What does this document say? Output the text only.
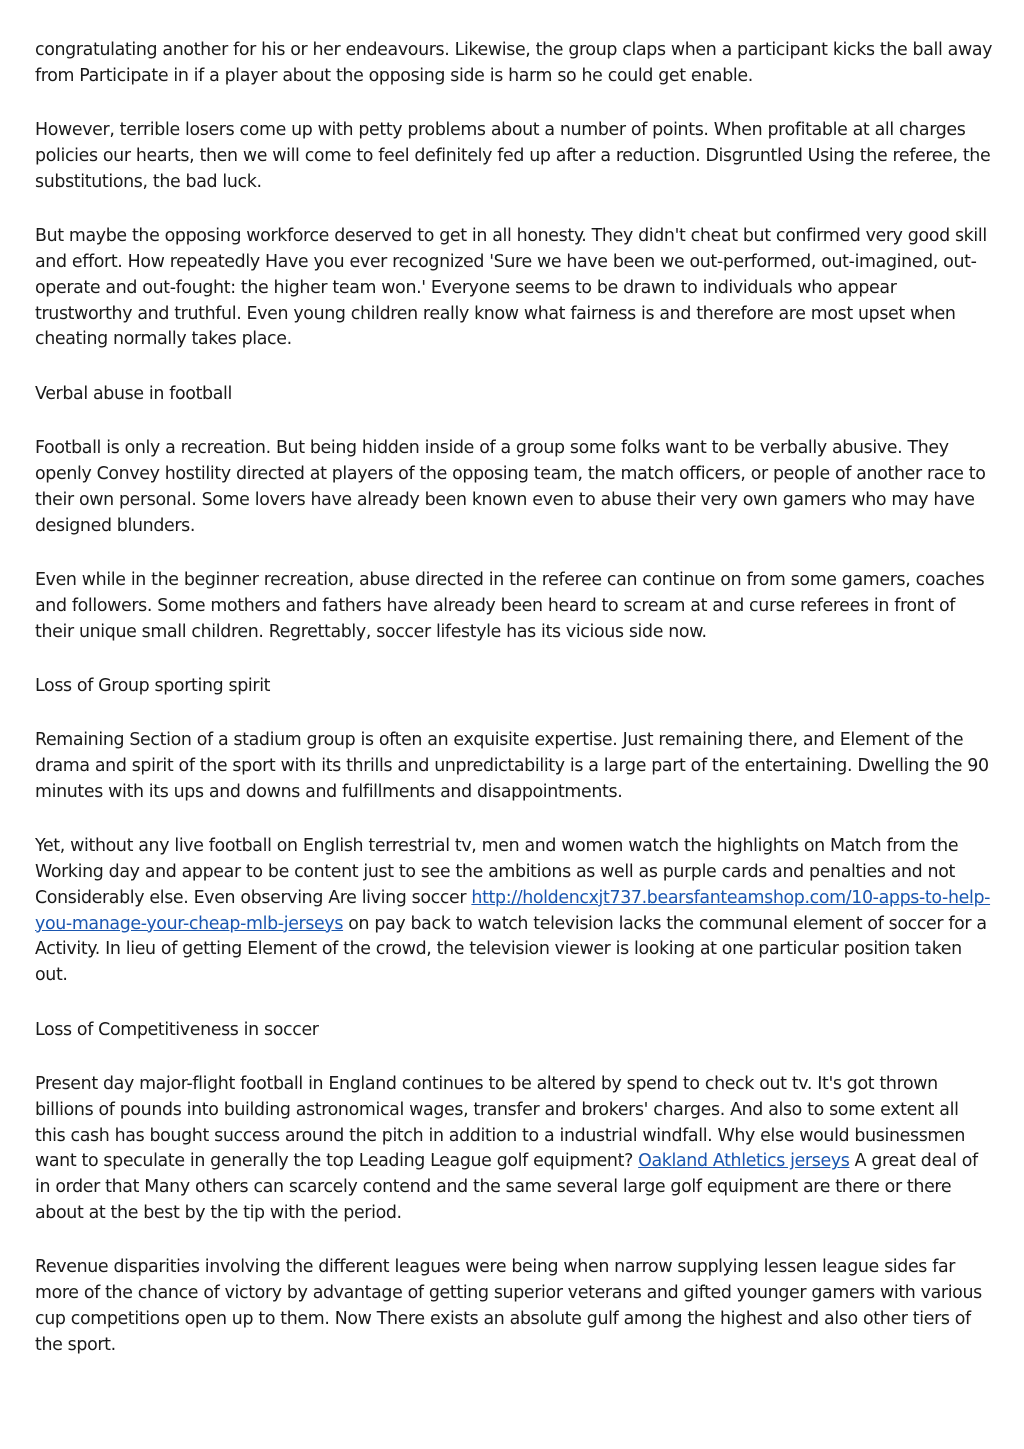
congratulating another for his or her endeavours. Likewise, the group claps when a participant kicks the ball away from Participate in if a player about the opposing side is harm so he could get enable.

However, terrible losers come up with petty problems about a number of points. When profitable at all charges policies our hearts, then we will come to feel definitely fed up after a reduction. Disgruntled Using the referee, the substitutions, the bad luck.

But maybe the opposing workforce deserved to get in all honesty. They didn't cheat but confirmed very good skill and effort. How repeatedly Have you ever recognized 'Sure we have been we out-performed, out-imagined, out-operate and out-fought: the higher team won.' Everyone seems to be drawn to individuals who appear trustworthy and truthful. Even young children really know what fairness is and therefore are most upset when cheating normally takes place.

Verbal abuse in football

Football is only a recreation. But being hidden inside of a group some folks want to be verbally abusive. They openly Convey hostility directed at players of the opposing team, the match officers, or people of another race to their own personal. Some lovers have already been known even to abuse their very own gamers who may have designed blunders.

Even while in the beginner recreation, abuse directed in the referee can continue on from some gamers, coaches and followers. Some mothers and fathers have already been heard to scream at and curse referees in front of their unique small children. Regrettably, soccer lifestyle has its vicious side now.

Loss of Group sporting spirit

Remaining Section of a stadium group is often an exquisite expertise. Just remaining there, and Element of the drama and spirit of the sport with its thrills and unpredictability is a large part of the entertaining. Dwelling the 90 minutes with its ups and downs and fulfillments and disappointments.

Yet, without any live football on English terrestrial tv, men and women watch the highlights on Match from the Working day and appear to be content just to see the ambitions as well as purple cards and penalties and not Considerably else. Even observing Are living soccer http://holdencxjt737.bearsfanteamshop.com/10-apps-to-help-you-manage-your-cheap-mlb-jerseys on pay back to watch television lacks the communal element of soccer for a Activity. In lieu of getting Element of the crowd, the television viewer is looking at one particular position taken out.

Loss of Competitiveness in soccer

Present day major-flight football in England continues to be altered by spend to check out tv. It's got thrown billions of pounds into building astronomical wages, transfer and brokers' charges. And also to some extent all this cash has bought success around the pitch in addition to a industrial windfall. Why else would businessmen want to speculate in generally the top Leading League golf equipment? Oakland Athletics jerseys A great deal of in order that Many others can scarcely contend and the same several large golf equipment are there or there about at the best by the tip with the period.

Revenue disparities involving the different leagues were being when narrow supplying lessen league sides far more of the chance of victory by advantage of getting superior veterans and gifted younger gamers with various cup competitions open up to them. Now There exists an absolute gulf among the highest and also other tiers of the sport.
